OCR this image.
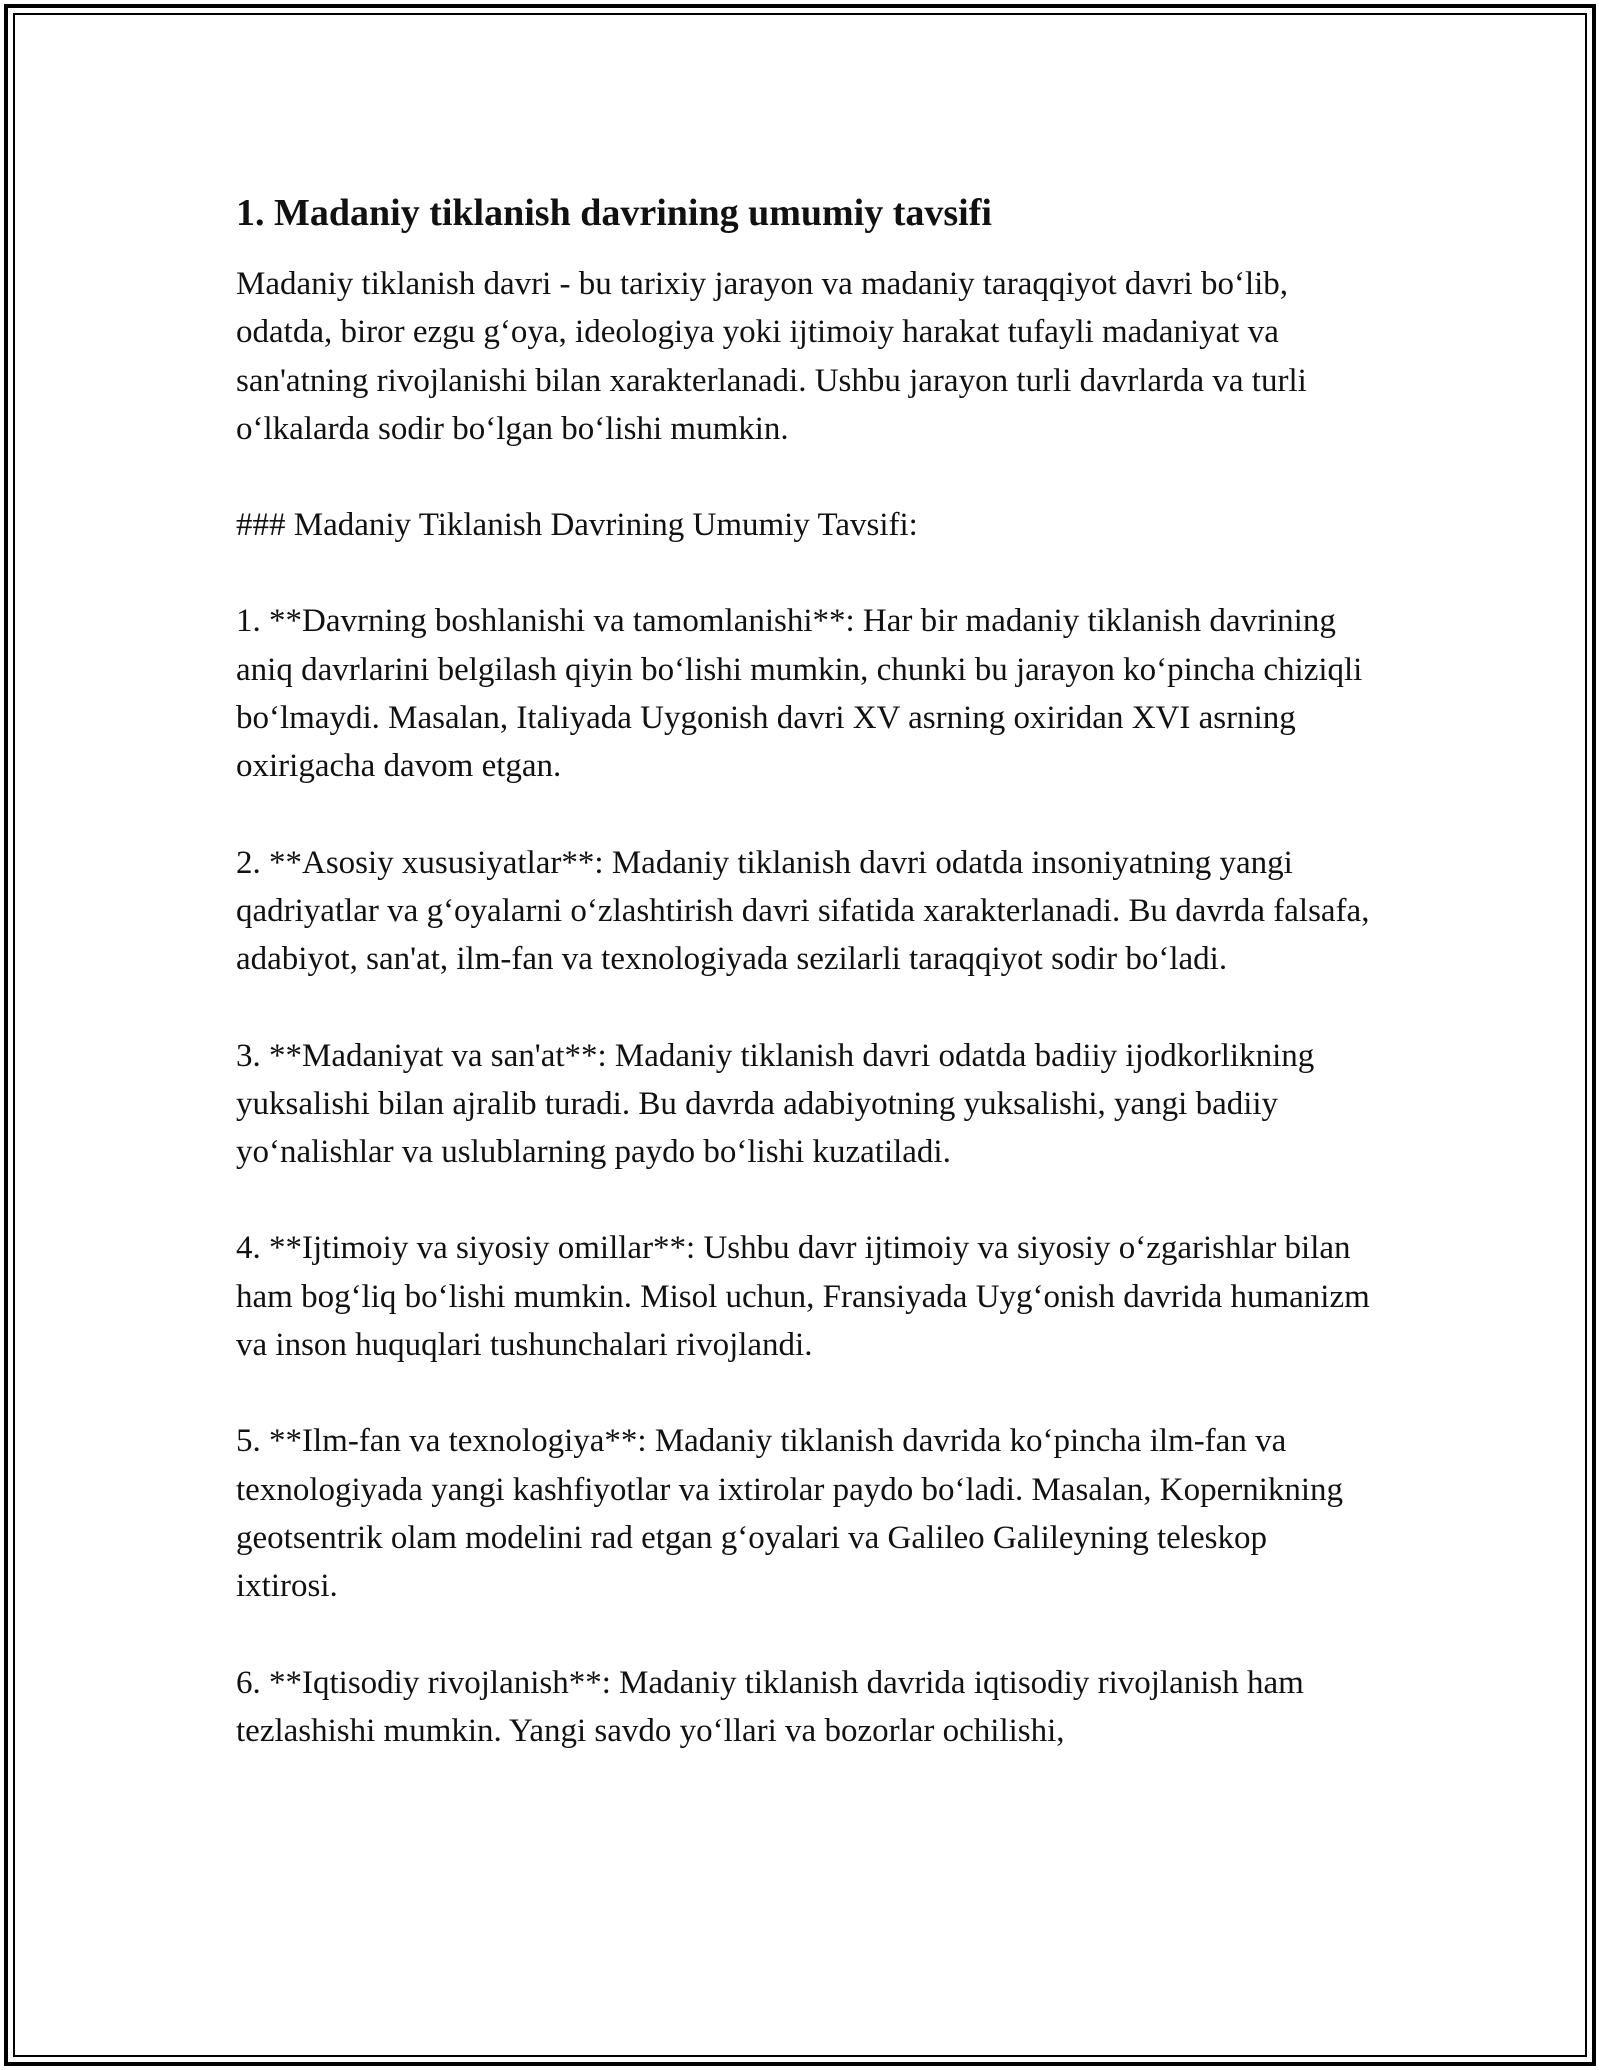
1. Madaniy tiklanish davrining umumiy tavsifi

Madaniy tiklanish davri - bu tarixiy jarayon va madaniy taraqqiyot davri bo‘lib, odatda, biror ezgu g‘oya, ideologiya yoki ijtimoiy harakat tufayli madaniyat va san'atning rivojlanishi bilan xarakterlanadi. Ushbu jarayon turli davrlarda va turli o‘lkalarda sodir bo‘lgan bo‘lishi mumkin.

### Madaniy Tiklanish Davrining Umumiy Tavsifi:

1. **Davrning boshlanishi va tamomlanishi**: Har bir madaniy tiklanish davrining aniq davrlarini belgilash qiyin bo‘lishi mumkin, chunki bu jarayon ko‘pincha chiziqli bo‘lmaydi. Masalan, Italiyada Uygonish davri XV asrning oxiridan XVI asrning oxirigacha davom etgan.

2. **Asosiy xususiyatlar**: Madaniy tiklanish davri odatda insoniyatning yangi qadriyatlar va g‘oyalarni o‘zlashtirish davri sifatida xarakterlanadi. Bu davrda falsafa, adabiyot, san'at, ilm-fan va texnologiyada sezilarli taraqqiyot sodir bo‘ladi.

3. **Madaniyat va san'at**: Madaniy tiklanish davri odatda badiiy ijodkorlikning yuksalishi bilan ajralib turadi. Bu davrda adabiyotning yuksalishi, yangi badiiy yo‘nalishlar va uslublarning paydo bo‘lishi kuzatiladi.

4. **Ijtimoiy va siyosiy omillar**: Ushbu davr ijtimoiy va siyosiy o‘zgarishlar bilan ham bog‘liq bo‘lishi mumkin. Misol uchun, Fransiyada Uyg‘onish davrida humanizm va inson huquqlari tushunchalari rivojlandi.

5. **Ilm-fan va texnologiya**: Madaniy tiklanish davrida ko‘pincha ilm-fan va texnologiyada yangi kashfiyotlar va ixtirolar paydo bo‘ladi. Masalan, Kopernikning geotsentrik olam modelini rad etgan g‘oyalari va Galileo Galileyning teleskop ixtirosi.

6. **Iqtisodiy rivojlanish**: Madaniy tiklanish davrida iqtisodiy rivojlanish ham tezlashishi mumkin. Yangi savdo yo‘llari va bozorlar ochilishi,
